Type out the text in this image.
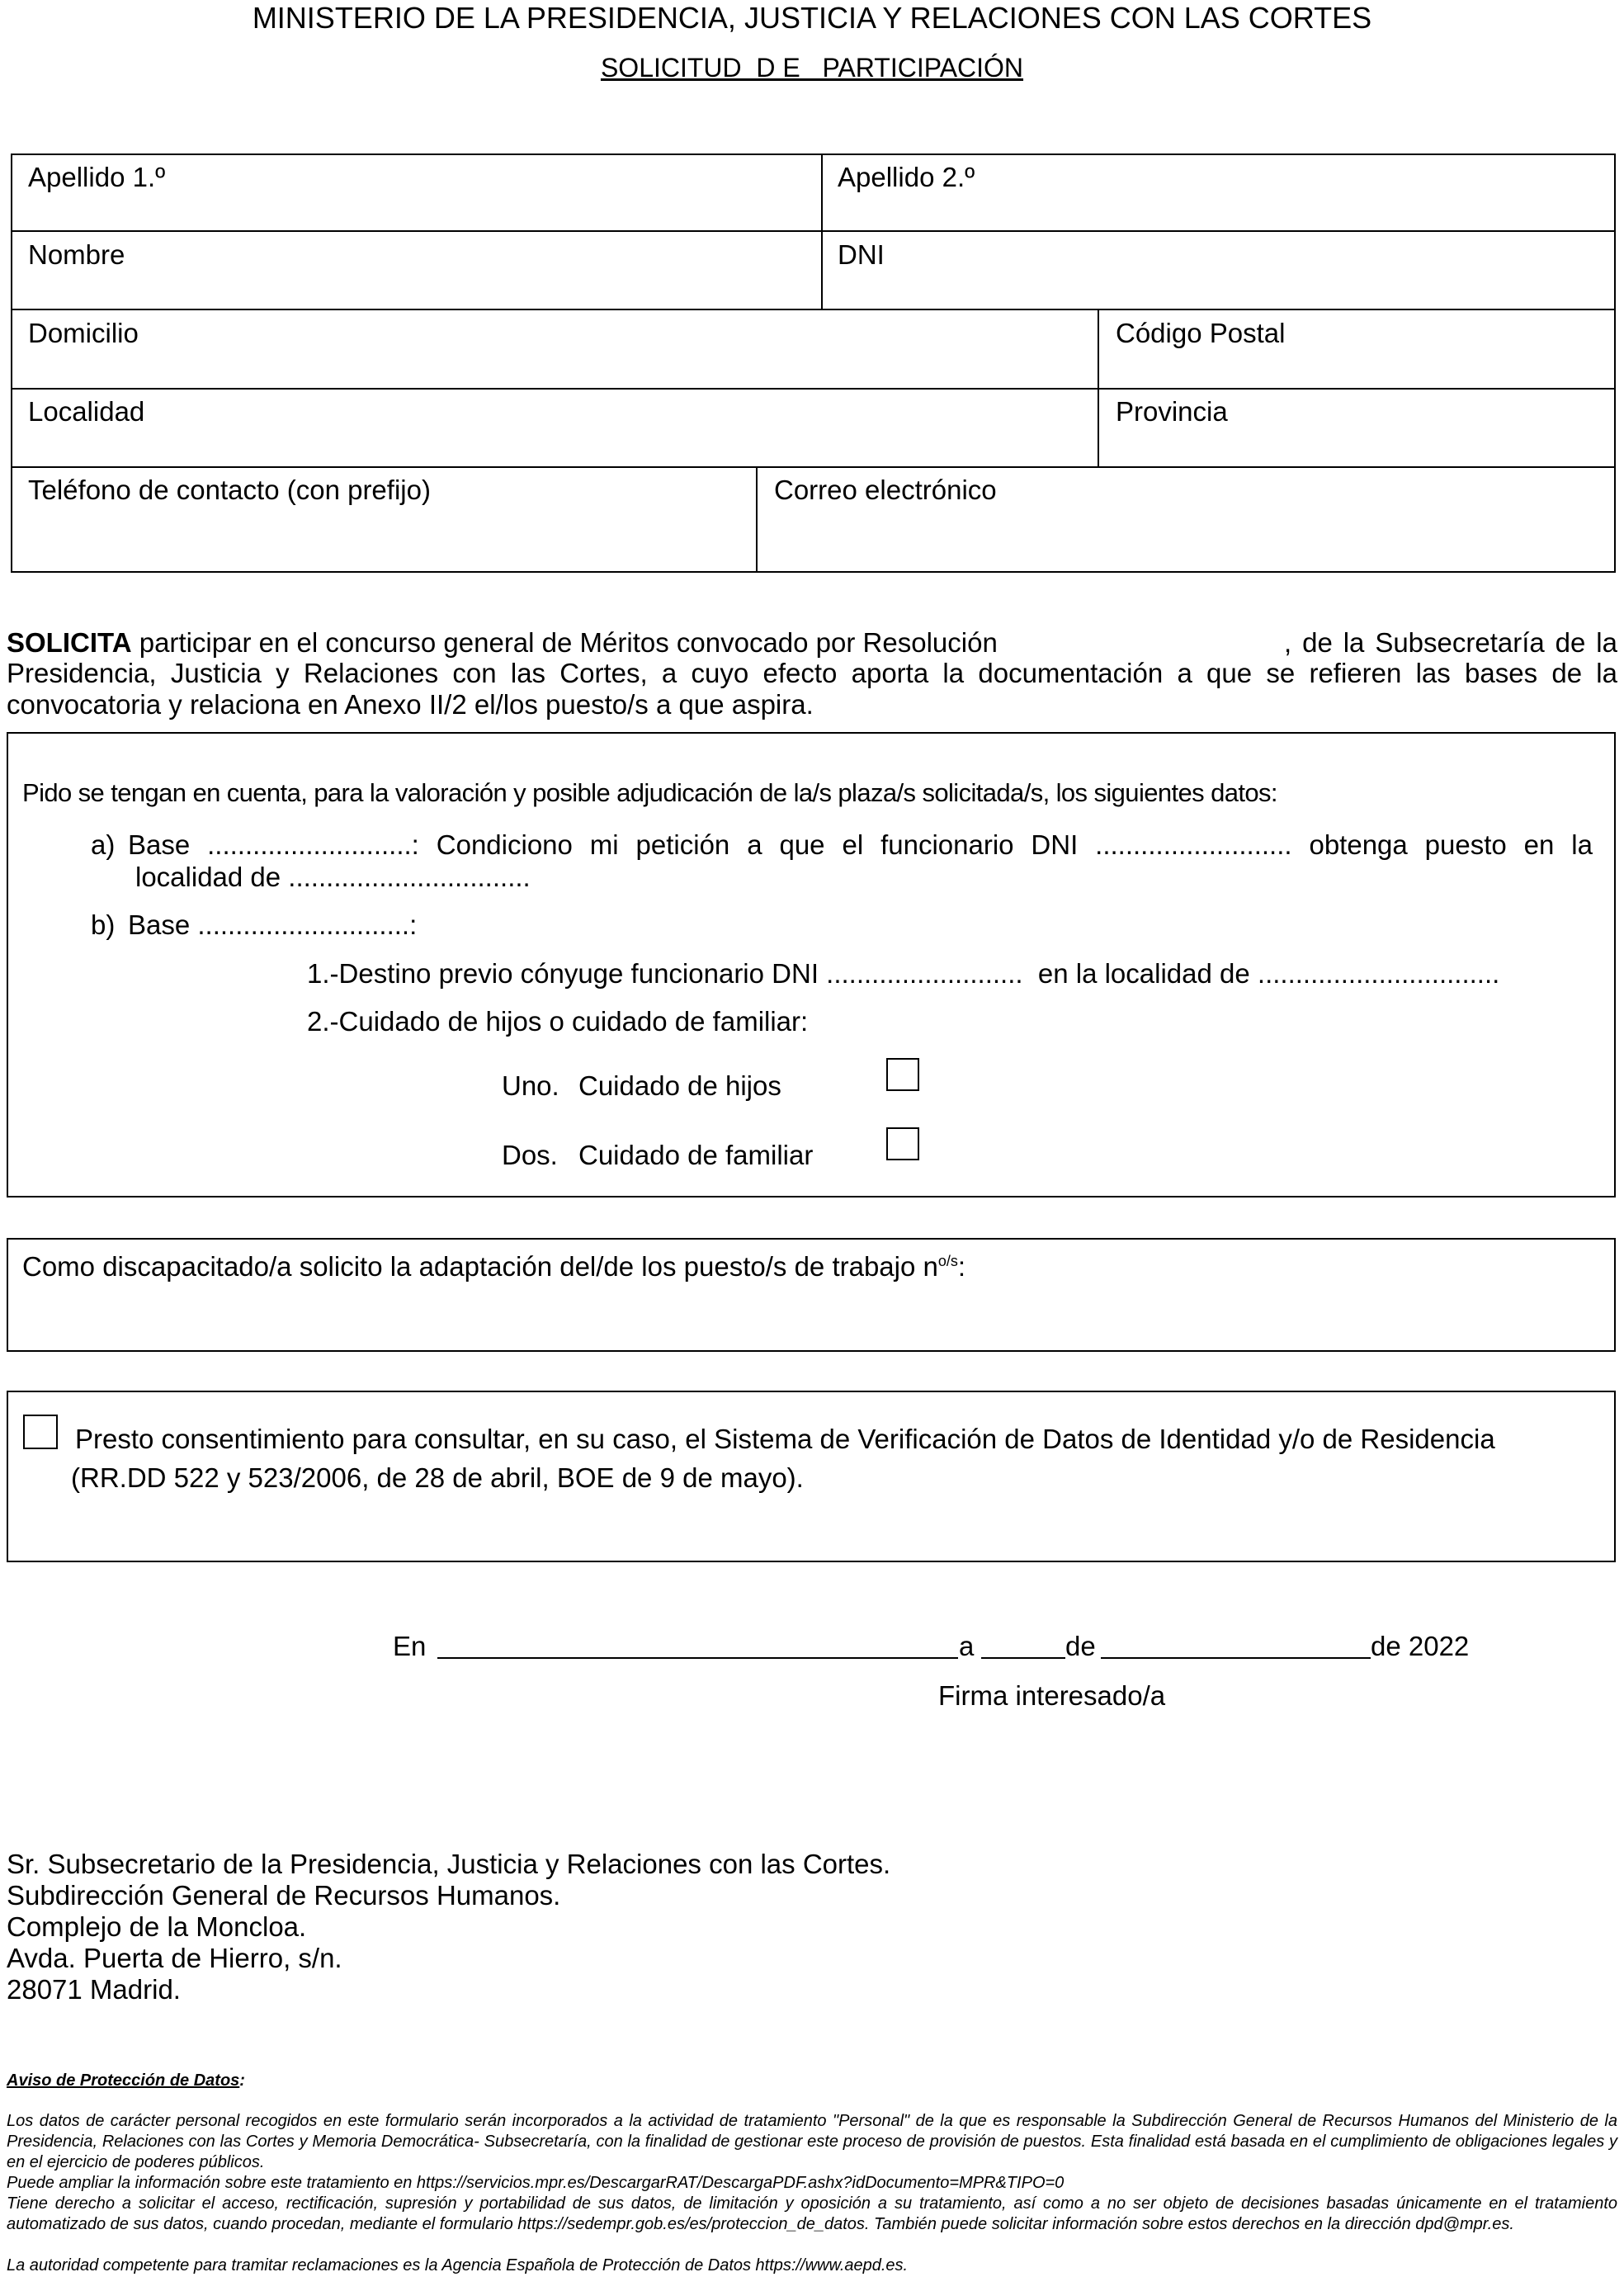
MINISTERIO DE LA PRESIDENCIA, JUSTICIA Y RELACIONES CON LAS CORTES
SOLICITUD  D E   PARTICIPACIÓN
Apellido 1.º	Apellido 2.º
Nombre	DNI
Domicilio	Código Postal
Localidad	Provincia
Teléfono de contacto (con prefijo)	Correo electrónico
SOLICITA participar en el concurso general de Méritos convocado por Resolución	, de la Subsecretaría de la
Presidencia, Justicia y Relaciones con las Cortes, a cuyo efecto aporta la documentación a que se refieren las bases de la convocatoria y relaciona en Anexo II/2 el/los puesto/s a que aspira.
Pido se tengan en cuenta, para la valoración y posible adjudicación de la/s plaza/s solicitada/s, los siguientes datos:
a) Base ...........................: Condiciono mi petición a que el funcionario DNI .......................... obtenga puesto en la
localidad de ................................
b) Base ............................:
1.-Destino previo cónyuge funcionario DNI ..........................  en la localidad de ................................
2.-Cuidado de hijos o cuidado de familiar:
Uno. Cuidado de hijos
Dos. Cuidado de familiar
Como discapacitado/a solicito la adaptación del/de los puesto/s de trabajo $n^{o/s}$:
Presto consentimiento para consultar, en su caso, el Sistema de Verificación de Datos de Identidad y/o de Residencia
(RR.DD 522 y 523/2006, de 28 de abril, BOE de 9 de mayo).
En	a	de	de 2022
Firma interesado/a
Sr. Subsecretario de la Presidencia, Justicia y Relaciones con las Cortes.
Subdirección General de Recursos Humanos.
Complejo de la Moncloa.
Avda. Puerta de Hierro, s/n.
28071 Madrid.
Aviso de Protección de Datos:
Los datos de carácter personal recogidos en este formulario serán incorporados a la actividad de tratamiento "Personal" de la que es responsable la Subdirección General de Recursos Humanos del Ministerio de la Presidencia, Relaciones con las Cortes y Memoria Democrática- Subsecretaría, con la finalidad de gestionar este proceso de provisión de puestos. Esta finalidad está basada en el cumplimiento de obligaciones legales y en el ejercicio de poderes públicos.
Puede ampliar la información sobre este tratamiento en https://servicios.mpr.es/DescargarRAT/DescargaPDF.ashx?idDocumento=MPR&TIPO=0
Tiene derecho a solicitar el acceso, rectificación, supresión y portabilidad de sus datos, de limitación y oposición a su tratamiento, así como a no ser objeto de decisiones basadas únicamente en el tratamiento automatizado de sus datos, cuando procedan, mediante el formulario https://sedempr.gob.es/es/proteccion_de_datos. También puede solicitar información sobre estos derechos en la dirección dpd@mpr.es.
La autoridad competente para tramitar reclamaciones es la Agencia Española de Protección de Datos https://www.aepd.es.
